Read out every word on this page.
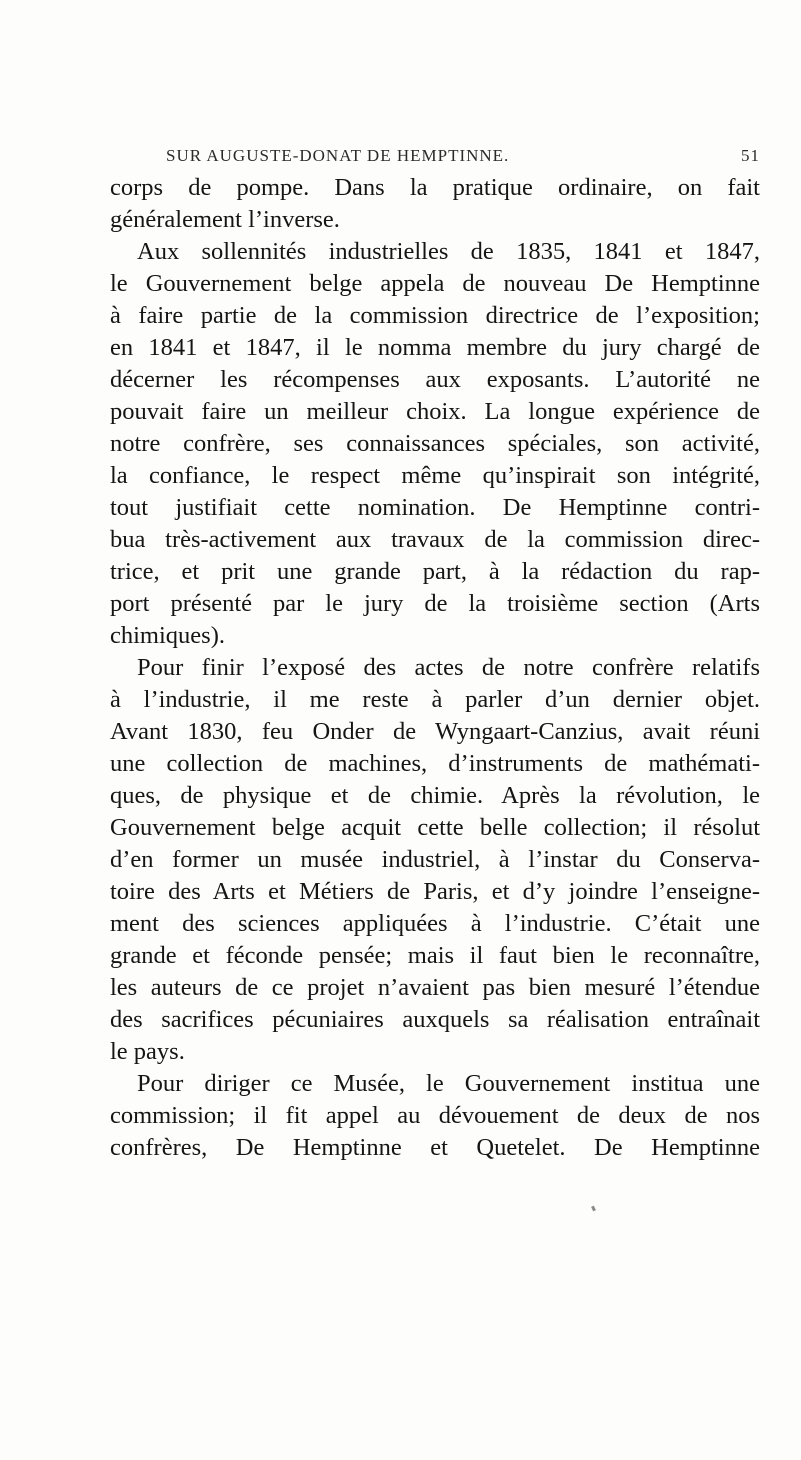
SUR AUGUSTE-DONAT DE HEMPTINNE.	51
corps de pompe. Dans la pratique ordinaire, on fait
généralement l’inverse.
Aux sollennités industrielles de 1835, 1841 et 1847,
le Gouvernement belge appela de nouveau De Hemptinne
à faire partie de la commission directrice de l’exposition;
en 1841 et 1847, il le nomma membre du jury chargé de
décerner les récompenses aux exposants. L’autorité ne
pouvait faire un meilleur choix. La longue expérience de
notre confrère, ses connaissances spéciales, son activité,
la confiance, le respect même qu’inspirait son intégrité,
tout justifiait cette nomination. De Hemptinne contri-
bua très-activement aux travaux de la commission direc-
trice, et prit une grande part, à la rédaction du rap-
port présenté par le jury de la troisième section (Arts
chimiques).
Pour finir l’exposé des actes de notre confrère relatifs
à l’industrie, il me reste à parler d’un dernier objet.
Avant 1830, feu Onder de Wyngaart-Canzius, avait réuni
une collection de machines, d’instruments de mathémati-
ques, de physique et de chimie. Après la révolution, le
Gouvernement belge acquit cette belle collection; il résolut
d’en former un musée industriel, à l’instar du Conserva-
toire des Arts et Métiers de Paris, et d’y joindre l’enseigne-
ment des sciences appliquées à l’industrie. C’était une
grande et féconde pensée; mais il faut bien le reconnaître,
les auteurs de ce projet n’avaient pas bien mesuré l’étendue
des sacrifices pécuniaires auxquels sa réalisation entraînait
le pays.
Pour diriger ce Musée, le Gouvernement institua une
commission; il fit appel au dévouement de deux de nos
confrères, De Hemptinne et Quetelet. De Hemptinne
